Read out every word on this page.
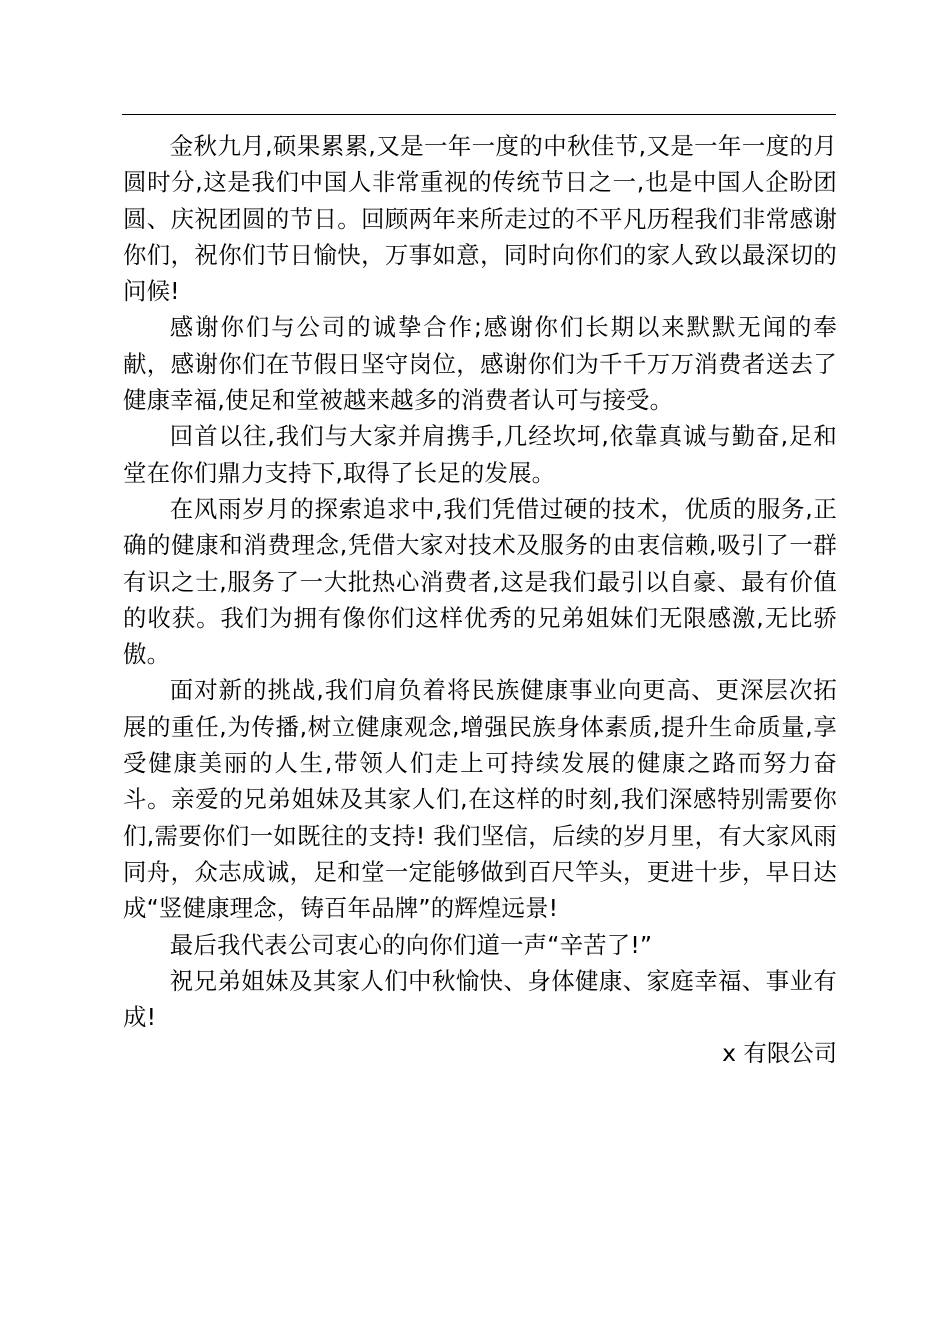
金秋九月,硕果累累,又是一年一度的中秋佳节,又是一年一度的月圆时分,这是我们中国人非常重视的传统节日之一,也是中国人企盼团圆、庆祝团圆的节日。回顾两年来所走过的不平凡历程我们非常感谢你们，祝你们节日愉快，万事如意，同时向你们的家人致以最深切的问候!

感谢你们与公司的诚挚合作;感谢你们长期以来默默无闻的奉献，感谢你们在节假日坚守岗位，感谢你们为千千万万消费者送去了健康幸福,使足和堂被越来越多的消费者认可与接受。

回首以往,我们与大家并肩携手,几经坎坷,依靠真诚与勤奋,足和堂在你们鼎力支持下,取得了长足的发展。

在风雨岁月的探索追求中,我们凭借过硬的技术，优质的服务,正确的健康和消费理念,凭借大家对技术及服务的由衷信赖,吸引了一群有识之士,服务了一大批热心消费者,这是我们最引以自豪、最有价值的收获。我们为拥有像你们这样优秀的兄弟姐妹们无限感激,无比骄傲。

面对新的挑战,我们肩负着将民族健康事业向更高、更深层次拓展的重任,为传播,树立健康观念,增强民族身体素质,提升生命质量,享受健康美丽的人生,带领人们走上可持续发展的健康之路而努力奋斗。亲爱的兄弟姐妹及其家人们,在这样的时刻,我们深感特别需要你们,需要你们一如既往的支持! 我们坚信，后续的岁月里，有大家风雨同舟，众志成诚，足和堂一定能够做到百尺竿头，更进十步，早日达成“竖健康理念，铸百年品牌”的辉煌远景!

最后我代表公司衷心的向你们道一声“辛苦了!”

祝兄弟姐妹及其家人们中秋愉快、身体健康、家庭幸福、事业有成!

x 有限公司
